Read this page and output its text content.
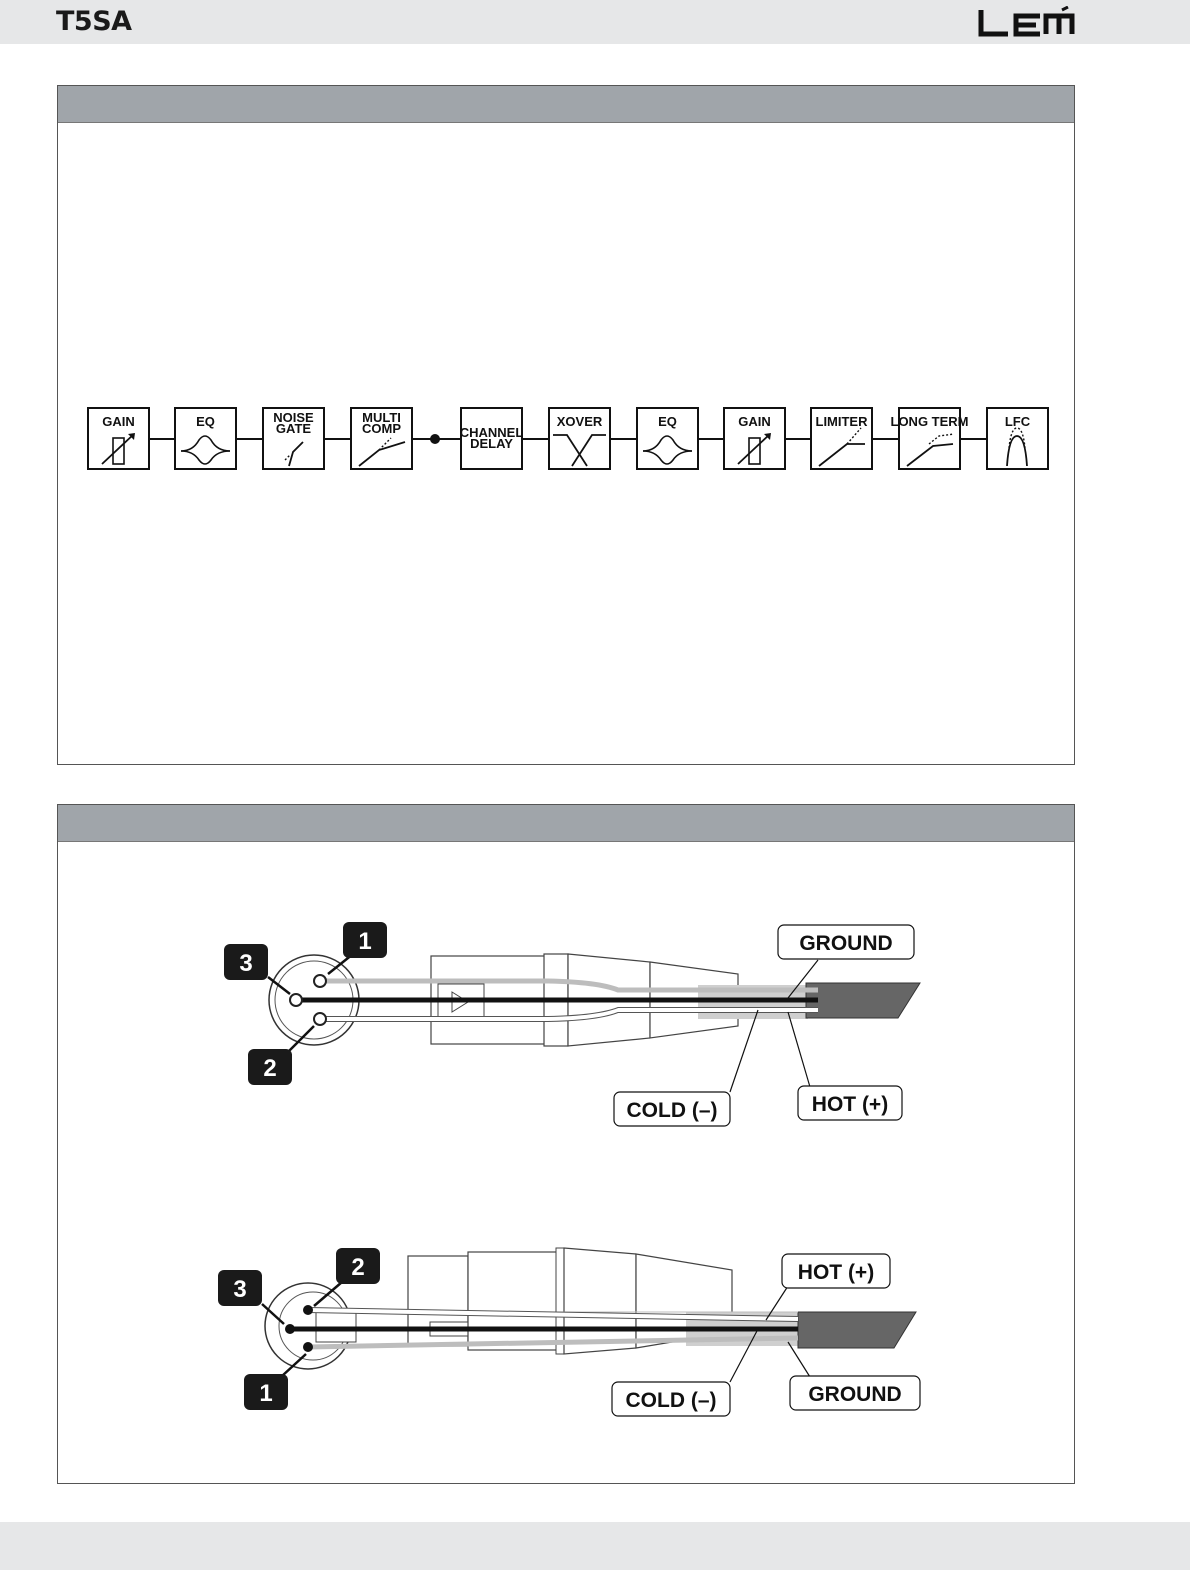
T5SA
GAIN	EQ	NOISE
GATE
MULTI
COMP	CHANNEL
DELAY
XOVER	EQ	GAIN	LIMITER LONG TERM	LFC
1
3
2
GROUND
COLD (–)	HOT (+)
2
3
1
HOT (+)
COLD (–)	GROUND
